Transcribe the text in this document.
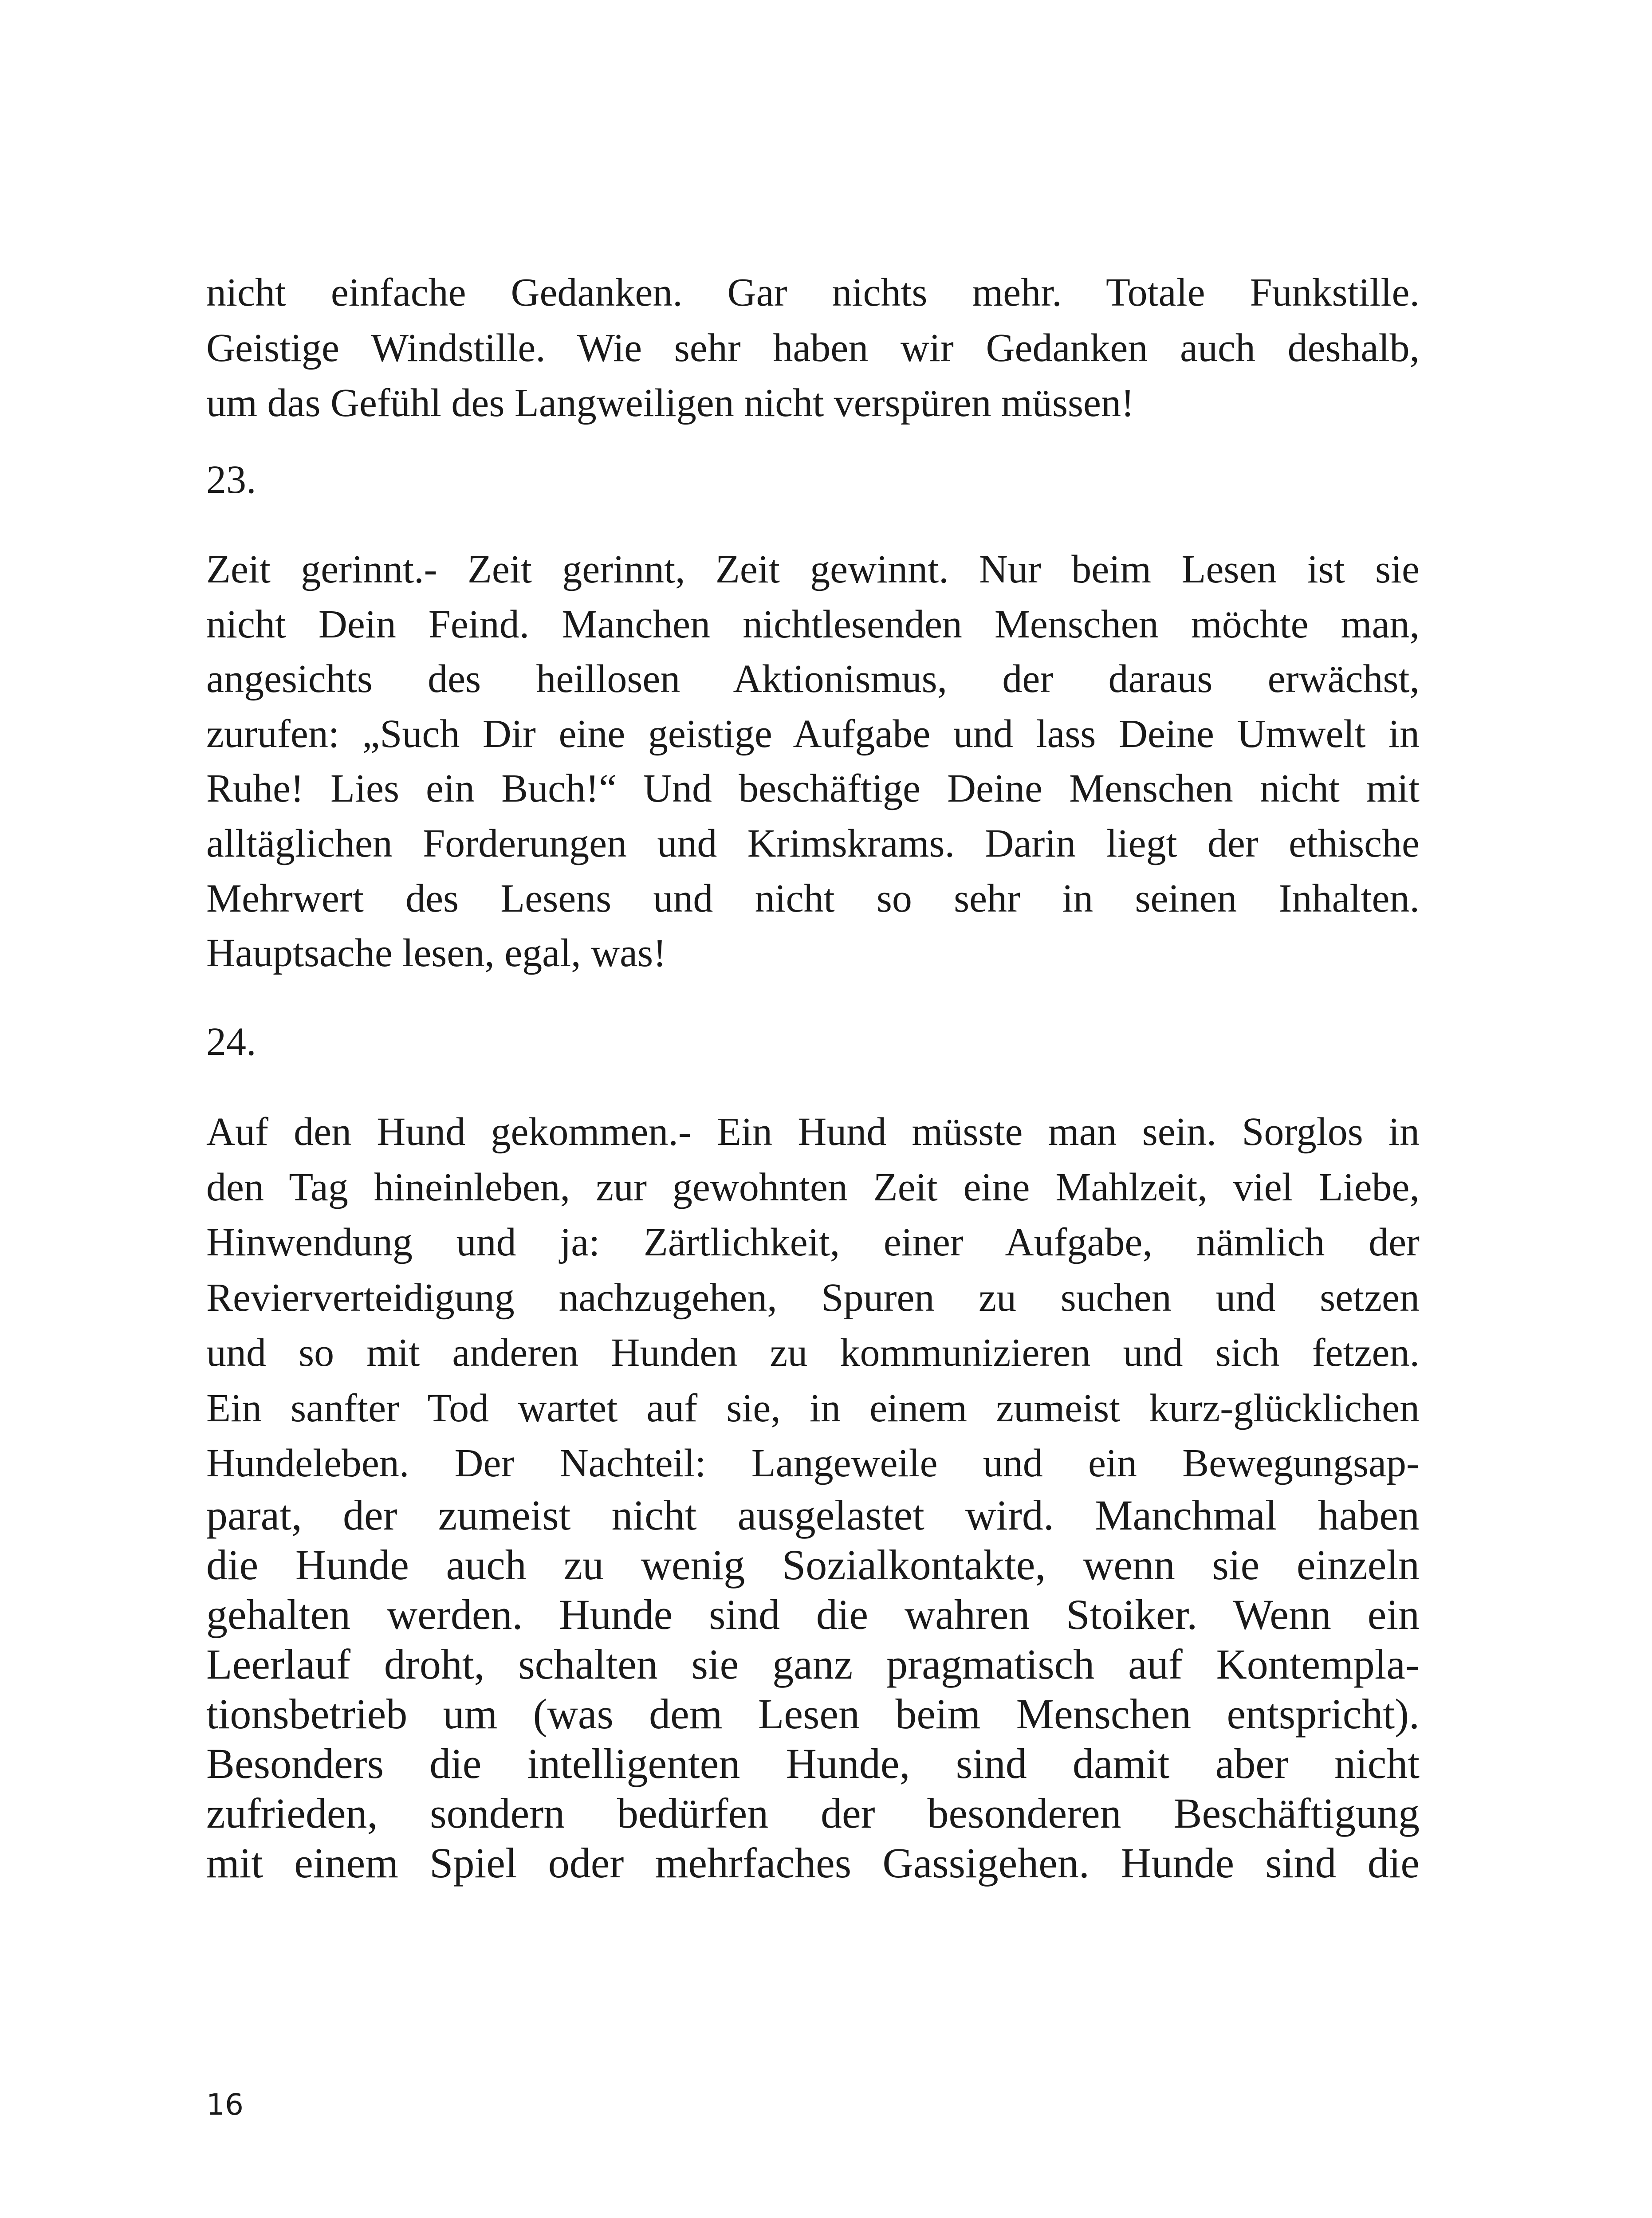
nicht einfache Gedanken. Gar nichts mehr. Totale Funkstille.
Geistige Windstille. Wie sehr haben wir Gedanken auch deshalb,
um das Gefühl des Langweiligen nicht verspüren müssen!
23.
Zeit gerinnt.- Zeit gerinnt, Zeit gewinnt. Nur beim Lesen ist sie
nicht Dein Feind. Manchen nichtlesenden Menschen möchte man,
angesichts des heillosen Aktionismus, der daraus erwächst,
zurufen: „Such Dir eine geistige Aufgabe und lass Deine Umwelt in
Ruhe! Lies ein Buch!“ Und beschäftige Deine Menschen nicht mit
alltäglichen Forderungen und Krimskrams. Darin liegt der ethische
Mehrwert des Lesens und nicht so sehr in seinen Inhalten.
Hauptsache lesen, egal, was!
24.
Auf den Hund gekommen.- Ein Hund müsste man sein. Sorglos in
den Tag hineinleben, zur gewohnten Zeit eine Mahlzeit, viel Liebe,
Hinwendung und ja: Zärtlichkeit, einer Aufgabe, nämlich der
Revierverteidigung nachzugehen, Spuren zu suchen und setzen
und so mit anderen Hunden zu kommunizieren und sich fetzen.
Ein sanfter Tod wartet auf sie, in einem zumeist kurz-glücklichen
Hundeleben. Der Nachteil: Langeweile und ein Bewegungsap-
parat, der zumeist nicht ausgelastet wird. Manchmal haben
die Hunde auch zu wenig Sozialkontakte, wenn sie einzeln
gehalten werden. Hunde sind die wahren Stoiker. Wenn ein
Leerlauf droht, schalten sie ganz pragmatisch auf Kontempla-
tionsbetrieb um (was dem Lesen beim Menschen entspricht).
Besonders die intelligenten Hunde, sind damit aber nicht
zufrieden, sondern bedürfen der besonderen Beschäftigung
mit einem Spiel oder mehrfaches Gassigehen. Hunde sind die
16
